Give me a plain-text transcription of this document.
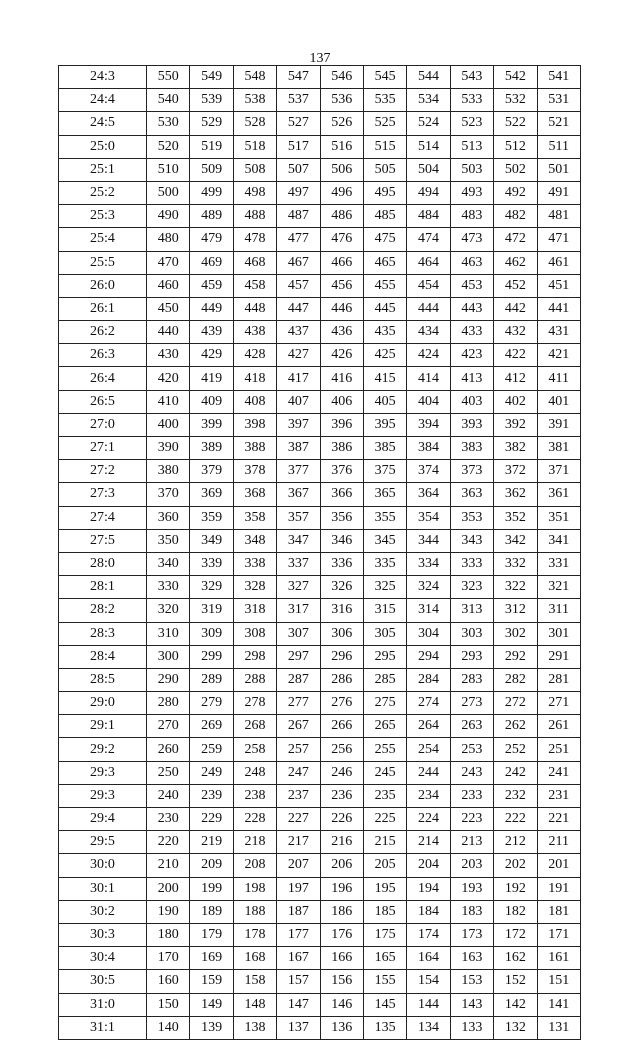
137
24:3	550	549	548	547	546	545	544	543	542	541
24:4	540	539	538	537	536	535	534	533	532	531
24:5	530	529	528	527	526	525	524	523	522	521
25:0	520	519	518	517	516	515	514	513	512	511
25:1	510	509	508	507	506	505	504	503	502	501
25:2	500	499	498	497	496	495	494	493	492	491
25:3	490	489	488	487	486	485	484	483	482	481
25:4	480	479	478	477	476	475	474	473	472	471
25:5	470	469	468	467	466	465	464	463	462	461
26:0	460	459	458	457	456	455	454	453	452	451
26:1	450	449	448	447	446	445	444	443	442	441
26:2	440	439	438	437	436	435	434	433	432	431
26:3	430	429	428	427	426	425	424	423	422	421
26:4	420	419	418	417	416	415	414	413	412	411
26:5	410	409	408	407	406	405	404	403	402	401
27:0	400	399	398	397	396	395	394	393	392	391
27:1	390	389	388	387	386	385	384	383	382	381
27:2	380	379	378	377	376	375	374	373	372	371
27:3	370	369	368	367	366	365	364	363	362	361
27:4	360	359	358	357	356	355	354	353	352	351
27:5	350	349	348	347	346	345	344	343	342	341
28:0	340	339	338	337	336	335	334	333	332	331
28:1	330	329	328	327	326	325	324	323	322	321
28:2	320	319	318	317	316	315	314	313	312	311
28:3	310	309	308	307	306	305	304	303	302	301
28:4	300	299	298	297	296	295	294	293	292	291
28:5	290	289	288	287	286	285	284	283	282	281
29:0	280	279	278	277	276	275	274	273	272	271
29:1	270	269	268	267	266	265	264	263	262	261
29:2	260	259	258	257	256	255	254	253	252	251
29:3	250	249	248	247	246	245	244	243	242	241
29:3	240	239	238	237	236	235	234	233	232	231
29:4	230	229	228	227	226	225	224	223	222	221
29:5	220	219	218	217	216	215	214	213	212	211
30:0	210	209	208	207	206	205	204	203	202	201
30:1	200	199	198	197	196	195	194	193	192	191
30:2	190	189	188	187	186	185	184	183	182	181
30:3	180	179	178	177	176	175	174	173	172	171
30:4	170	169	168	167	166	165	164	163	162	161
30:5	160	159	158	157	156	155	154	153	152	151
31:0	150	149	148	147	146	145	144	143	142	141
31:1	140	139	138	137	136	135	134	133	132	131
